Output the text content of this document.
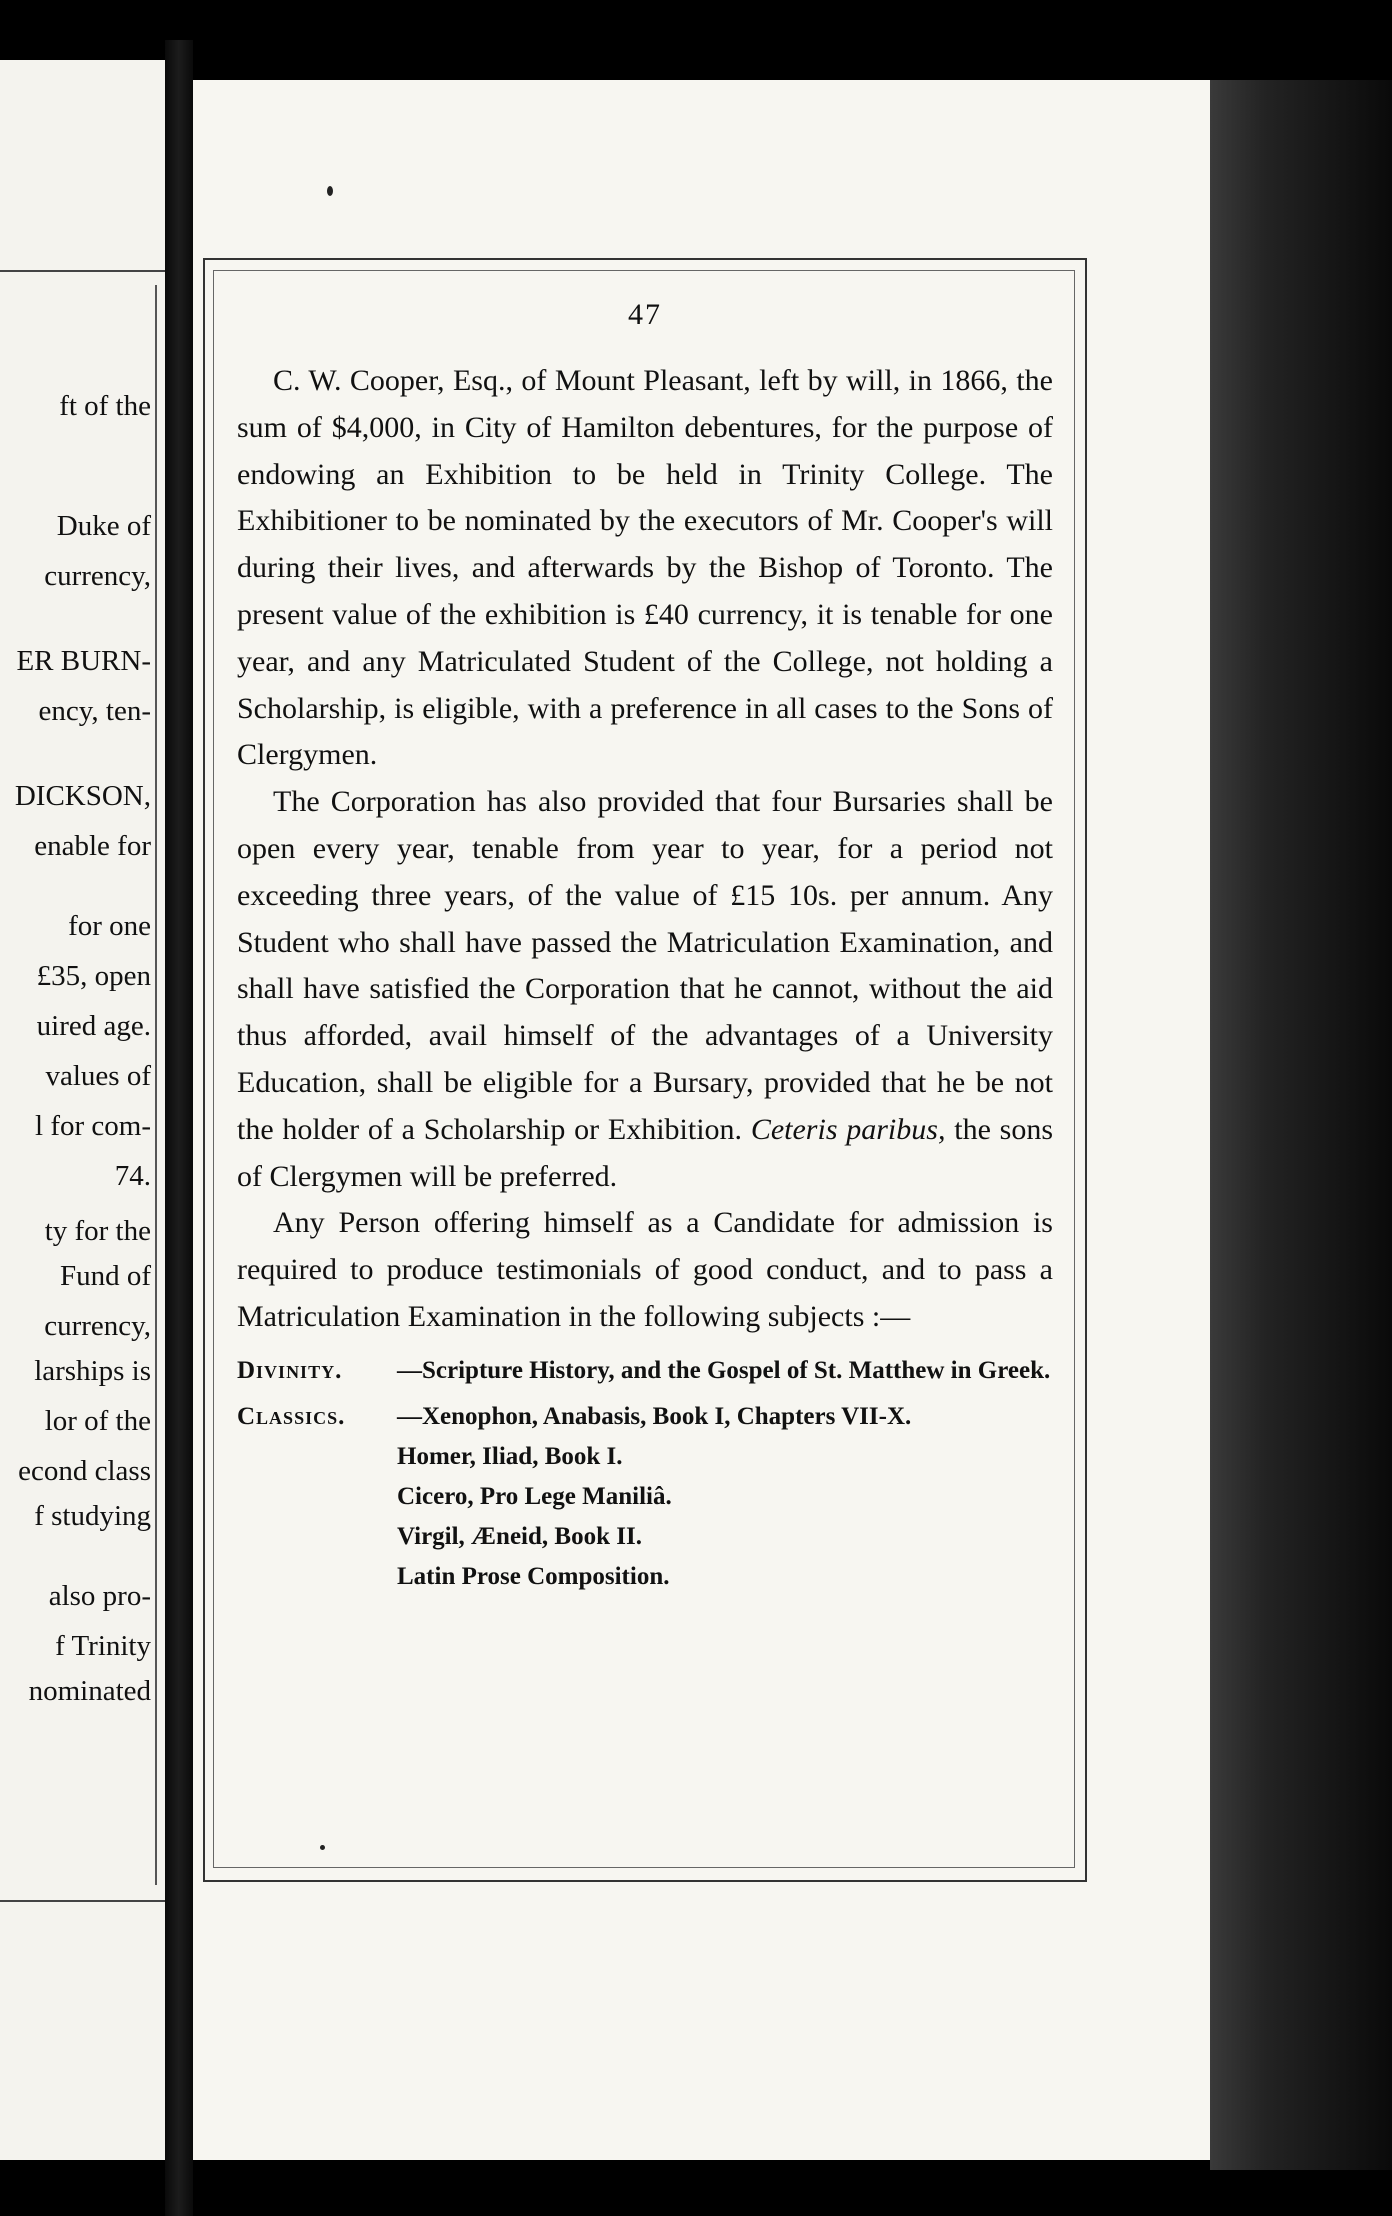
ft of the
Duke of
currency,
ER BURN-
ency, ten-
DICKSON,
enable for
for one
£35, open
uired age.
values of
l for com-
74.
ty for the
Fund of
currency,
larships is
lor of the
econd class
f studying
also pro-
f Trinity
nominated
47

C. W. Cooper, Esq., of Mount Pleasant, left by will, in 1866, the sum of $4,000, in City of Hamilton debentures, for the purpose of endowing an Exhibition to be held in Trinity College. The Exhibitioner to be nominated by the executors of Mr. Cooper's will during their lives, and afterwards by the Bishop of Toronto. The present value of the exhibition is £40 currency, it is tenable for one year, and any Matriculated Student of the College, not holding a Scholarship, is eligible, with a preference in all cases to the Sons of Clergymen.

The Corporation has also provided that four Bursaries shall be open every year, tenable from year to year, for a period not exceeding three years, of the value of £15 10s. per annum. Any Student who shall have passed the Matriculation Examination, and shall have satisfied the Corporation that he cannot, without the aid thus afforded, avail himself of the advantages of a University Education, shall be eligible for a Bursary, provided that he be not the holder of a Scholarship or Exhibition. Ceteris paribus, the sons of Clergymen will be preferred.

Any Person offering himself as a Candidate for admission is required to produce testimonials of good conduct, and to pass a Matriculation Examination in the following subjects :—

Divinity.	—Scripture History, and the Gospel of St. Matthew in Greek.
Classics.	—Xenophon, Anabasis, Book I, Chapters VII-X.
Homer, Iliad, Book I.
Cicero, Pro Lege Maniliâ.
Virgil, Æneid, Book II.
Latin Prose Composition.
